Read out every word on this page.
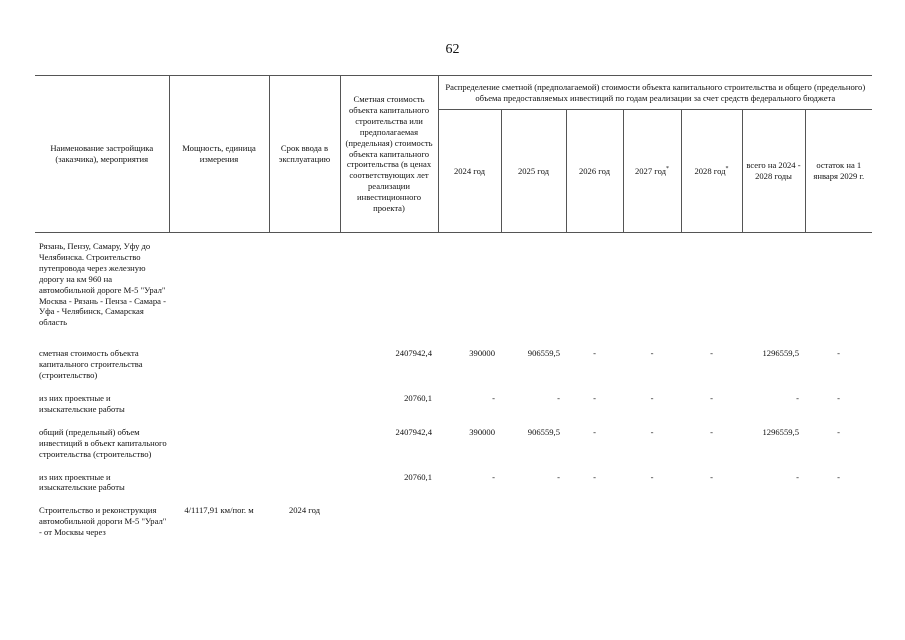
62
Наименование застройщика (заказчика), мероприятия	Мощность, единица измерения	Срок ввода в эксплуатацию	Сметная стоимость объекта капитального строительства или предполагаемая (предельная) стоимость объекта капитального строительства (в ценах соответствующих лет реализации инвестиционного проекта)	Распределение сметной (предполагаемой) стоимости объекта капитального строительства и общего (предельного) объема предоставляемых инвестиций по годам реализации за счет средств федерального бюджета						
				2024 год	2025 год	2026 год	2027 год*	2028 год*	всего на 2024 - 2028 годы	остаток на 1 января 2029 г.
Рязань, Пензу, Самару, Уфу до Челябинска. Строительство путепровода через железную дорогу на км 960 на автомобильной дороге М-5 "Урал" Москва - Рязань - Пенза - Самара - Уфа - Челябинск, Самарская область										
сметная стоимость объекта капитального строительства (строительство)			2407942,4	390000	906559,5	-	-	-	1296559,5	-
из них проектные и изыскательские работы			20760,1	-	-	-	-	-	-	-
общий (предельный) объем инвестиций в объект капитального строительства (строительство)			2407942,4	390000	906559,5	-	-	-	1296559,5	-
из них проектные и изыскательские работы			20760,1	-	-	-	-	-	-	-
Строительство и реконструкция автомобильной дороги М-5 "Урал" - от Москвы через	4/1117,91 км/пог. м	2024 год								
